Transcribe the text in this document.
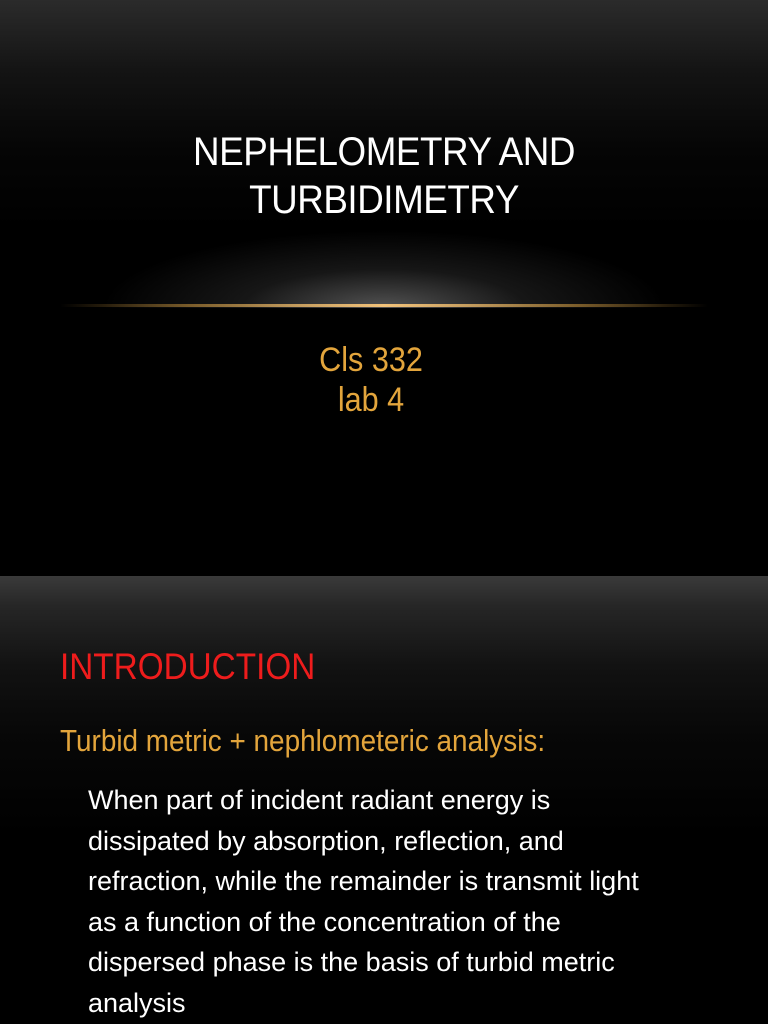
NEPHELOMETRY AND
TURBIDIMETRY
Cls 332
lab 4
INTRODUCTION
Turbid metric + nephlometeric analysis:
When part of incident radiant energy is
dissipated by absorption, reflection, and
refraction, while the remainder is transmit light
as a function of the concentration of the
dispersed phase is the basis of turbid metric
analysis
